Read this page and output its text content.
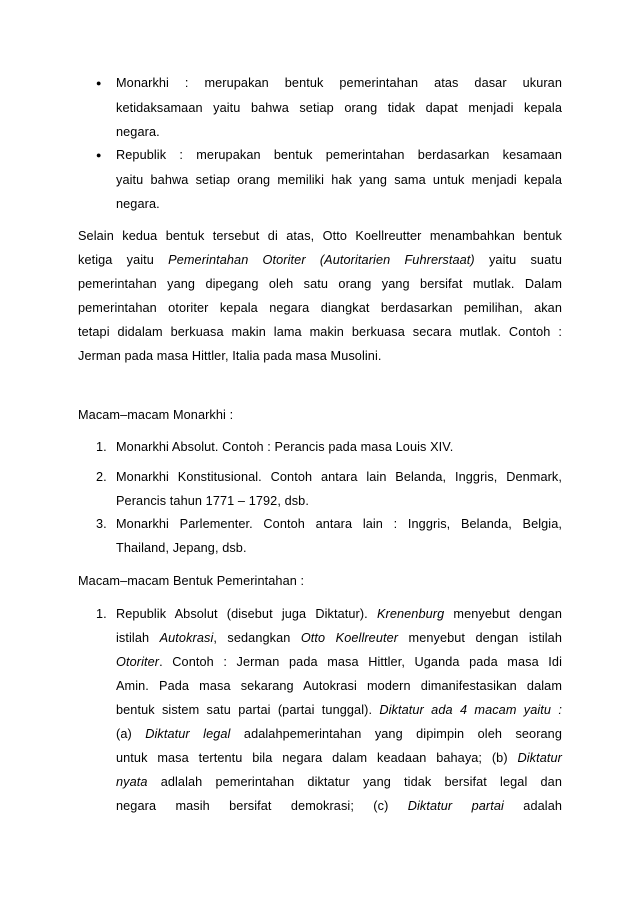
● Monarkhi : merupakan bentuk pemerintahan atas dasar ukuran
ketidaksamaan yaitu bahwa setiap orang tidak dapat menjadi kepala
negara.
● Republik : merupakan bentuk pemerintahan berdasarkan kesamaan
yaitu bahwa setiap orang memiliki hak yang sama untuk menjadi kepala
negara.
Selain kedua bentuk tersebut di atas, Otto Koellreutter menambahkan bentuk
ketiga yaitu Pemerintahan Otoriter (Autoritarien Fuhrerstaat) yaitu suatu
pemerintahan yang dipegang oleh satu orang yang bersifat mutlak. Dalam
pemerintahan otoriter kepala negara diangkat berdasarkan pemilihan, akan
tetapi didalam berkuasa makin lama makin berkuasa secara mutlak. Contoh :
Jerman pada masa Hittler, Italia pada masa Musolini.
Macam–macam Monarkhi :
1. Monarkhi Absolut. Contoh : Perancis pada masa Louis XIV.
2. Monarkhi Konstitusional. Contoh antara lain Belanda, Inggris, Denmark,
Perancis tahun 1771 – 1792, dsb.
3. Monarkhi Parlementer. Contoh antara lain : Inggris, Belanda, Belgia,
Thailand, Jepang, dsb.
Macam–macam Bentuk Pemerintahan :
1. Republik Absolut (disebut juga Diktatur). Krenenburg menyebut dengan
istilah Autokrasi, sedangkan Otto Koellreuter menyebut dengan istilah
Otoriter. Contoh : Jerman pada masa Hittler, Uganda pada masa Idi
Amin. Pada masa sekarang Autokrasi modern dimanifestasikan dalam
bentuk sistem satu partai (partai tunggal). Diktatur ada 4 macam yaitu :
(a) Diktatur legal adalahpemerintahan yang dipimpin oleh seorang
untuk masa tertentu bila negara dalam keadaan bahaya; (b) Diktatur
nyata adlalah pemerintahan diktatur yang tidak bersifat legal dan
negara masih bersifat demokrasi; (c) Diktatur partai adalah
